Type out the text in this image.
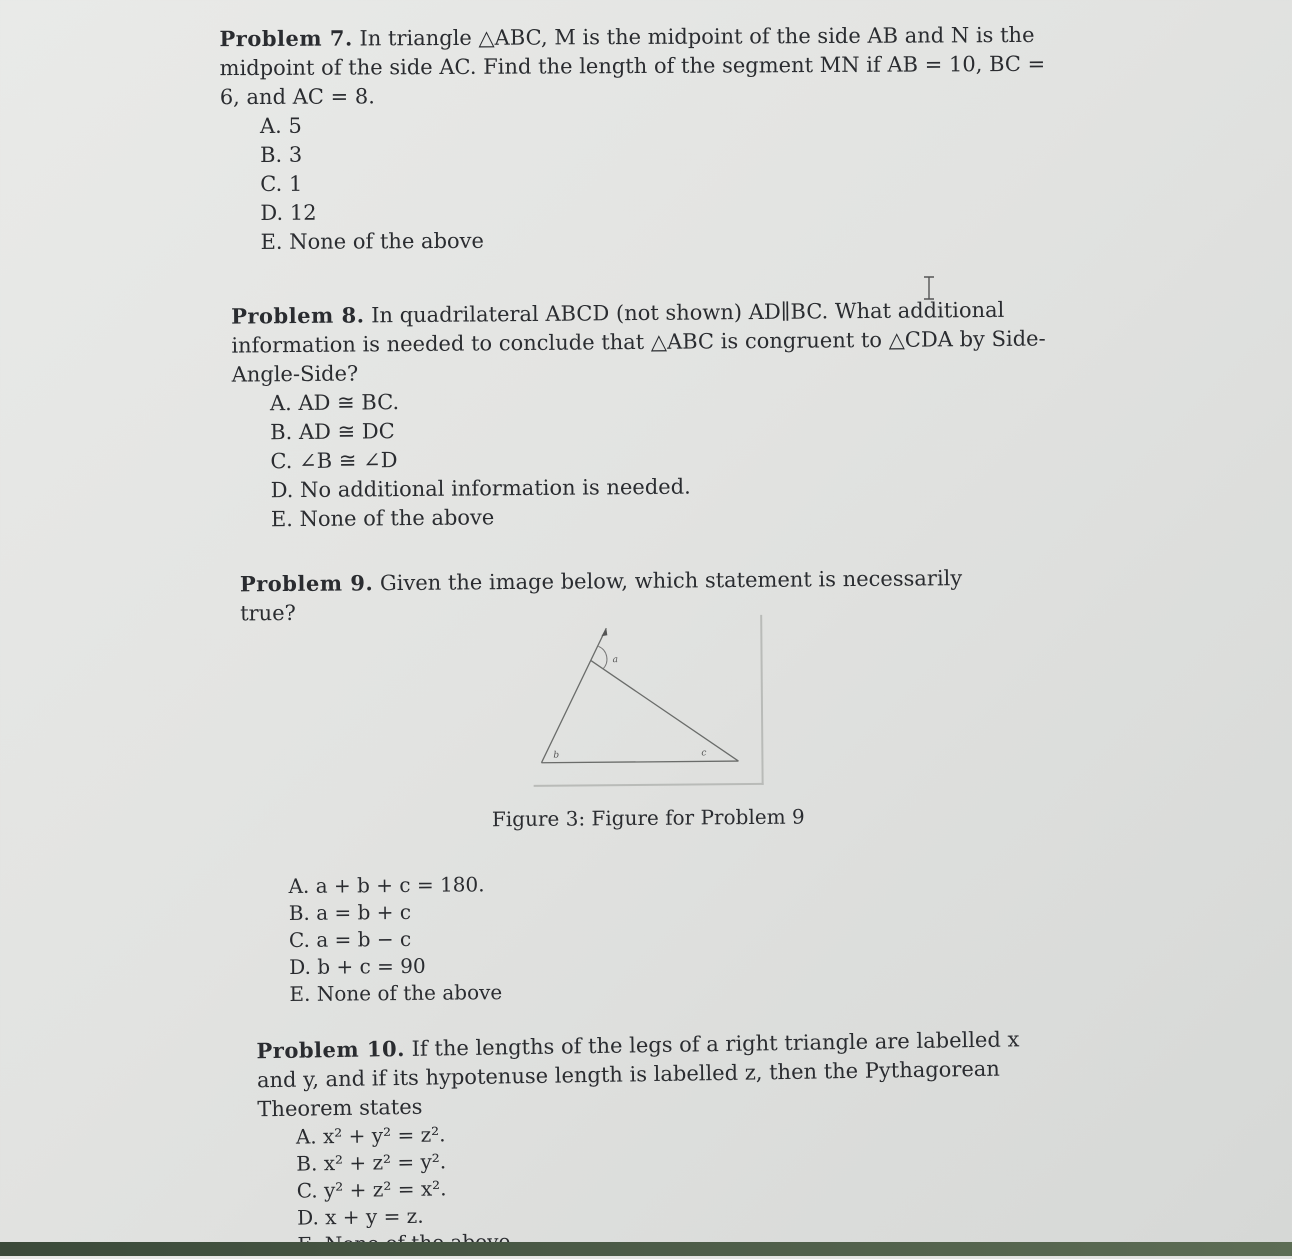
Problem 7. In triangle △ABC, M is the midpoint of the side AB and N is the midpoint of the side AC. Find the length of the segment MN if AB = 10, BC = 6, and AC = 8.

A. 5
B. 3
C. 1
D. 12
E. None of the above

Problem 8. In quadrilateral ABCD (not shown) AD∥BC. What additional information is needed to conclude that △ABC is congruent to △CDA by Side-Angle-Side?

A. AD ≅ BC.
B. AD ≅ DC
C. ∠B ≅ ∠D
D. No additional information is needed.
E. None of the above

Problem 9. Given the image below, which statement is necessarily true?

a
b	c
Figure 3: Figure for Problem 9
A. a + b + c = 180.
B. a = b + c
C. a = b − c
D. b + c = 90
E. None of the above

Problem 10. If the lengths of the legs of a right triangle are labelled x and y, and if its hypotenuse length is labelled z, then the Pythagorean Theorem states

A. x² + y² = z².
B. x² + z² = y².
C. y² + z² = x².
D. x + y = z.
